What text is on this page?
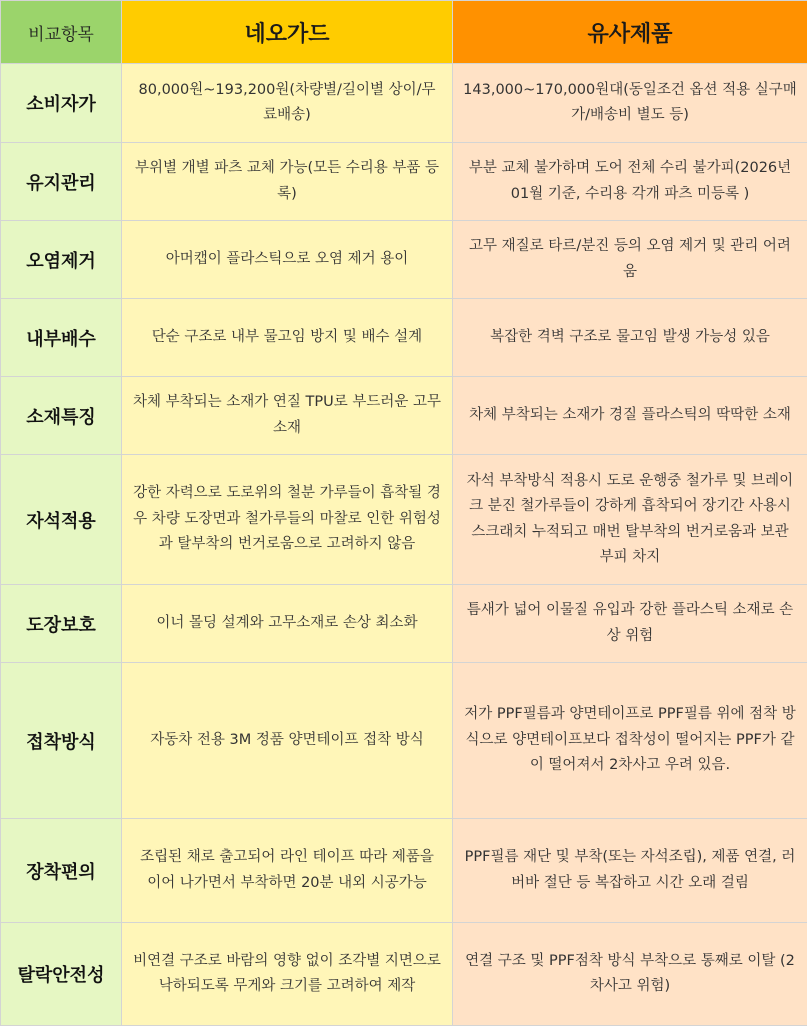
비교항목	네오가드	유사제품
소비자가	80,000원~193,200원(차량별/길이별 상이/무료배송)	143,000~170,000원대(동일조건 옵션 적용 실구매가/배송비 별도 등)
유지관리	부위별 개별 파츠 교체 가능(모든 수리용 부품 등록)	부분 교체 불가하며 도어 전체 수리 불가피(2026년 01월 기준, 수리용 각개 파츠 미등록 )
오염제거	아머캡이 플라스틱으로 오염 제거 용이	고무 재질로 타르/분진 등의 오염 제거 및 관리 어려움
내부배수	단순 구조로 내부 물고임 방지 및 배수 설계	복잡한 격벽 구조로 물고임 발생 가능성 있음
소재특징	차체 부착되는 소재가 연질 TPU로 부드러운 고무소재	차체 부착되는 소재가 경질 플라스틱의 딱딱한 소재
자석적용	강한 자력으로 도로위의 철분 가루들이 흡착될 경우 차량 도장면과 철가루들의 마찰로 인한 위험성과 탈부착의 번거로움으로 고려하지 않음	자석 부착방식 적용시 도로 운행중 철가루 및 브레이크 분진 철가루들이 강하게 흡착되어 장기간 사용시 스크래치 누적되고 매번 탈부착의 번거로움과 보관 부피 차지
도장보호	이너 몰딩 설계와 고무소재로 손상 최소화	틈새가 넓어 이물질 유입과 강한 플라스틱 소재로 손상 위험
접착방식	자동차 전용 3M 정품 양면테이프 접착 방식	저가 PPF필름과 양면테이프로 PPF필름 위에 점착 방식으로 양면테이프보다 접착성이 떨어지는 PPF가 같이 떨어져서 2차사고 우려 있음.
장착편의	조립된 채로 출고되어 라인 테이프 따라 제품을 이어 나가면서 부착하면 20분 내외 시공가능	PPF필름 재단 및 부착(또는 자석조립), 제품 연결, 러버바 절단 등 복잡하고 시간 오래 걸림
탈락안전성	비연결 구조로 바람의 영향 없이 조각별 지면으로 낙하되도록 무게와 크기를 고려하여 제작	연결 구조 및 PPF점착 방식 부착으로 통째로 이탈 (2차사고 위험)
